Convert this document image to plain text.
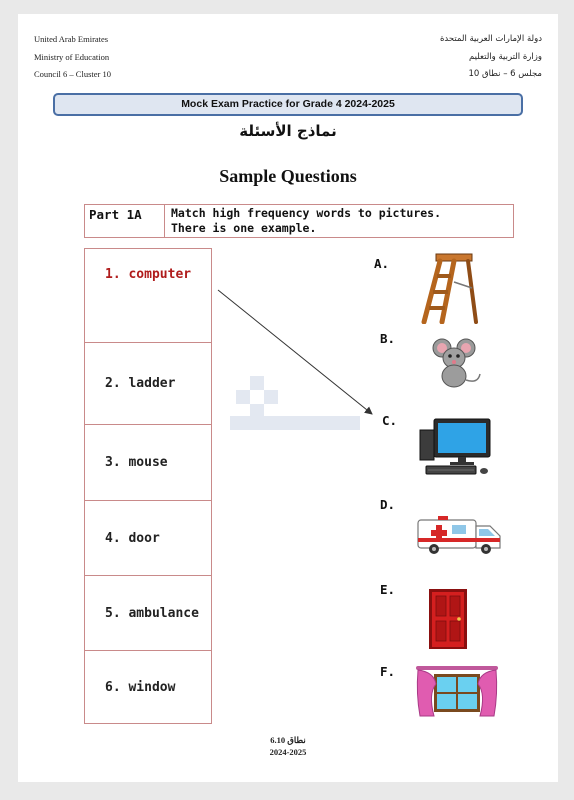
United Arab Emirates
Ministry of Education
Council 6 – Cluster 10
دولة الإمارات العربية المتحدة
وزارة التربية والتعليم
مجلس 6 – نطاق 10
Mock Exam Practice for Grade 4 2024-2025
نماذج الأسئلة
Sample Questions
Part 1A	Match high frequency words to pictures.
There is one example.
1. computer
2. ladder
3. mouse
4. door
5. ambulance
6. window
A.
B.
C.
D.
E.
F.
نطاق 6.10
2024-2025
